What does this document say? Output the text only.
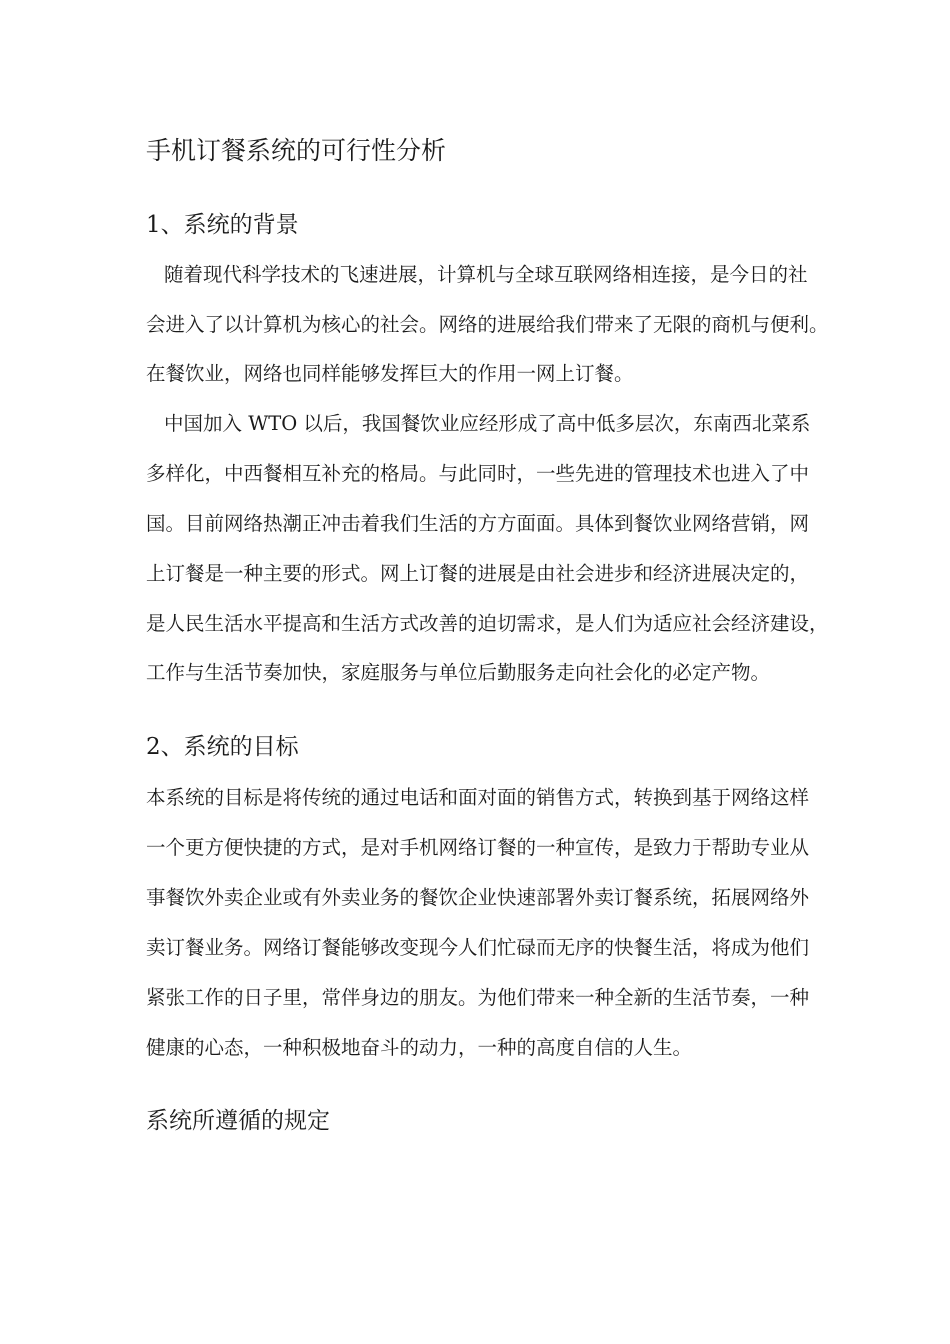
手机订餐系统的可行性分析
1、系统的背景
随着现代科学技术的飞速进展，计算机与全球互联网络相连接，是今日的社
会进入了以计算机为核心的社会。网络的进展给我们带来了无限的商机与便利。
在餐饮业，网络也同样能够发挥巨大的作用一网上订餐。
中国加入 WTO 以后，我国餐饮业应经形成了高中低多层次，东南西北菜系
多样化，中西餐相互补充的格局。与此同时，一些先进的管理技术也进入了中
国。目前网络热潮正冲击着我们生活的方方面面。具体到餐饮业网络营销，网
上订餐是一种主要的形式。网上订餐的进展是由社会进步和经济进展决定的，
是人民生活水平提高和生活方式改善的迫切需求，是人们为适应社会经济建设，
工作与生活节奏加快，家庭服务与单位后勤服务走向社会化的必定产物。
2、系统的目标
本系统的目标是将传统的通过电话和面对面的销售方式，转换到基于网络这样
一个更方便快捷的方式，是对手机网络订餐的一种宣传，是致力于帮助专业从
事餐饮外卖企业或有外卖业务的餐饮企业快速部署外卖订餐系统，拓展网络外
卖订餐业务。网络订餐能够改变现今人们忙碌而无序的快餐生活，将成为他们
紧张工作的日子里，常伴身边的朋友。为他们带来一种全新的生活节奏，一种
健康的心态，一种积极地奋斗的动力，一种的高度自信的人生。
系统所遵循的规定
